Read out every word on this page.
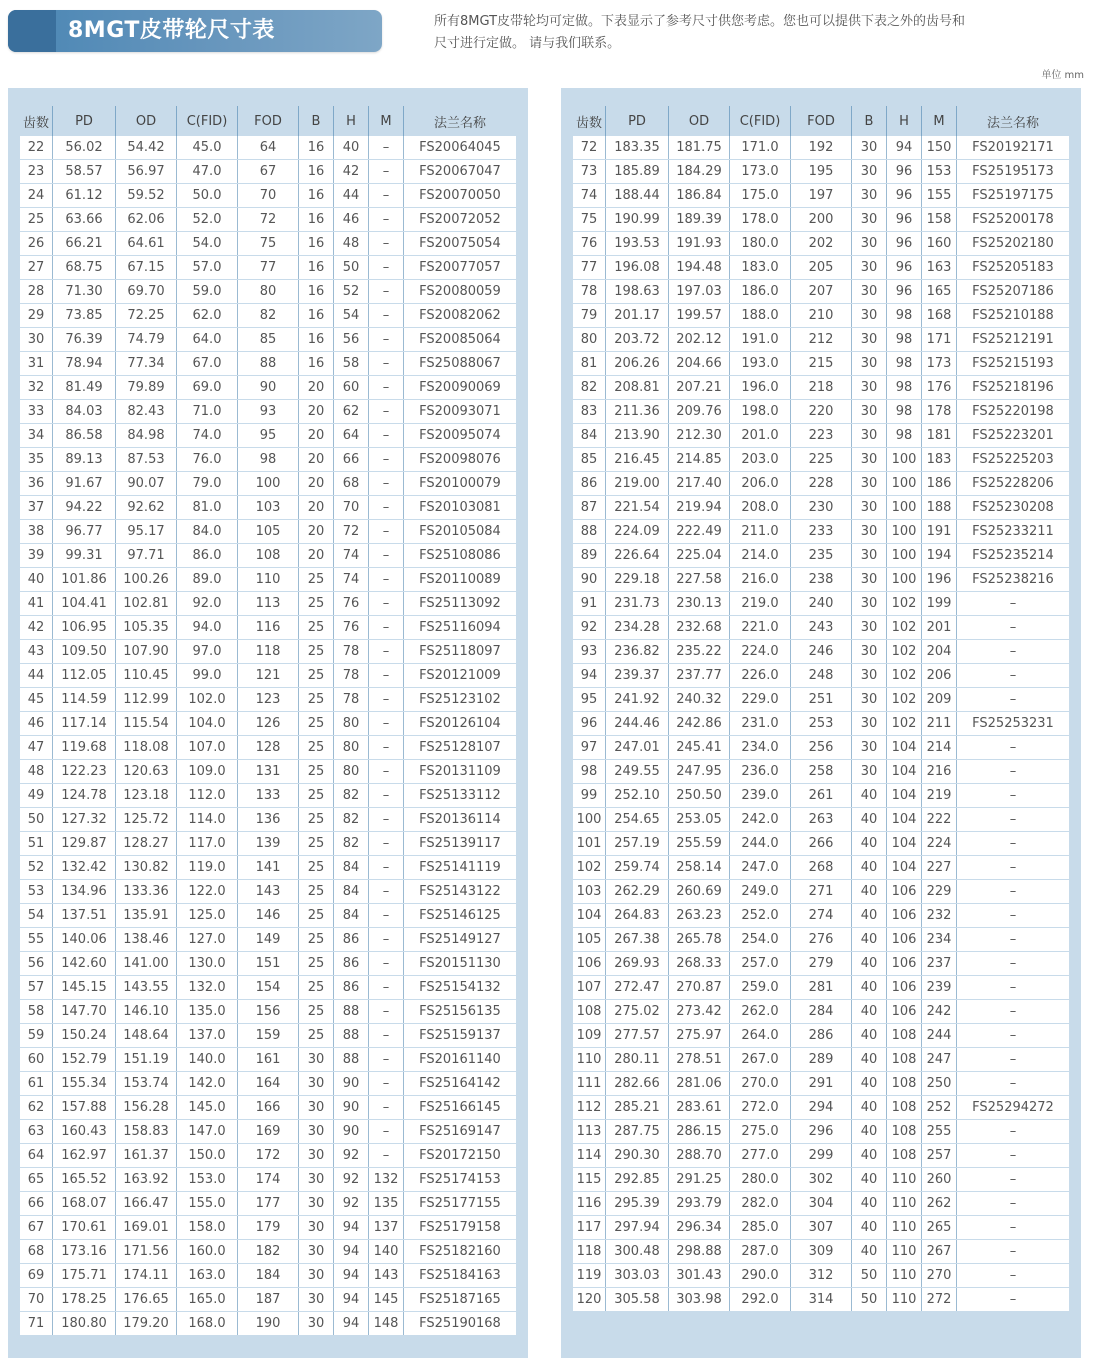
8MGT皮带轮尺寸表	所有8MGT皮带轮均可定做。下表显示了参考尺寸供您考虑。您也可以提供下表之外的齿号和尺寸进行定做。 请与我们联系。
单位 mm
齿数	PD	OD	C(FID)	FOD	B	H	M	法兰名称
22	56.02	54.42	45.0	64	16	40	–	FS20064045
23	58.57	56.97	47.0	67	16	42	–	FS20067047
24	61.12	59.52	50.0	70	16	44	–	FS20070050
25	63.66	62.06	52.0	72	16	46	–	FS20072052
26	66.21	64.61	54.0	75	16	48	–	FS20075054
27	68.75	67.15	57.0	77	16	50	–	FS20077057
28	71.30	69.70	59.0	80	16	52	–	FS20080059
29	73.85	72.25	62.0	82	16	54	–	FS20082062
30	76.39	74.79	64.0	85	16	56	–	FS20085064
31	78.94	77.34	67.0	88	16	58	–	FS25088067
32	81.49	79.89	69.0	90	20	60	–	FS20090069
33	84.03	82.43	71.0	93	20	62	–	FS20093071
34	86.58	84.98	74.0	95	20	64	–	FS20095074
35	89.13	87.53	76.0	98	20	66	–	FS20098076
36	91.67	90.07	79.0	100	20	68	–	FS20100079
37	94.22	92.62	81.0	103	20	70	–	FS20103081
38	96.77	95.17	84.0	105	20	72	–	FS20105084
39	99.31	97.71	86.0	108	20	74	–	FS25108086
40	101.86	100.26	89.0	110	25	74	–	FS20110089
41	104.41	102.81	92.0	113	25	76	–	FS25113092
42	106.95	105.35	94.0	116	25	76	–	FS25116094
43	109.50	107.90	97.0	118	25	78	–	FS25118097
44	112.05	110.45	99.0	121	25	78	–	FS20121009
45	114.59	112.99	102.0	123	25	78	–	FS25123102
46	117.14	115.54	104.0	126	25	80	–	FS20126104
47	119.68	118.08	107.0	128	25	80	–	FS25128107
48	122.23	120.63	109.0	131	25	80	–	FS20131109
49	124.78	123.18	112.0	133	25	82	–	FS25133112
50	127.32	125.72	114.0	136	25	82	–	FS20136114
51	129.87	128.27	117.0	139	25	82	–	FS25139117
52	132.42	130.82	119.0	141	25	84	–	FS25141119
53	134.96	133.36	122.0	143	25	84	–	FS25143122
54	137.51	135.91	125.0	146	25	84	–	FS25146125
55	140.06	138.46	127.0	149	25	86	–	FS25149127
56	142.60	141.00	130.0	151	25	86	–	FS20151130
57	145.15	143.55	132.0	154	25	86	–	FS25154132
58	147.70	146.10	135.0	156	25	88	–	FS25156135
59	150.24	148.64	137.0	159	25	88	–	FS25159137
60	152.79	151.19	140.0	161	30	88	–	FS20161140
61	155.34	153.74	142.0	164	30	90	–	FS25164142
62	157.88	156.28	145.0	166	30	90	–	FS25166145
63	160.43	158.83	147.0	169	30	90	–	FS25169147
64	162.97	161.37	150.0	172	30	92	–	FS20172150
65	165.52	163.92	153.0	174	30	92	132	FS25174153
66	168.07	166.47	155.0	177	30	92	135	FS25177155
67	170.61	169.01	158.0	179	30	94	137	FS25179158
68	173.16	171.56	160.0	182	30	94	140	FS25182160
69	175.71	174.11	163.0	184	30	94	143	FS25184163
70	178.25	176.65	165.0	187	30	94	145	FS25187165
71	180.80	179.20	168.0	190	30	94	148	FS25190168
齿数	PD	OD	C(FID)	FOD	B	H	M	法兰名称
72	183.35	181.75	171.0	192	30	94	150	FS20192171
73	185.89	184.29	173.0	195	30	96	153	FS25195173
74	188.44	186.84	175.0	197	30	96	155	FS25197175
75	190.99	189.39	178.0	200	30	96	158	FS25200178
76	193.53	191.93	180.0	202	30	96	160	FS25202180
77	196.08	194.48	183.0	205	30	96	163	FS25205183
78	198.63	197.03	186.0	207	30	96	165	FS25207186
79	201.17	199.57	188.0	210	30	98	168	FS25210188
80	203.72	202.12	191.0	212	30	98	171	FS25212191
81	206.26	204.66	193.0	215	30	98	173	FS25215193
82	208.81	207.21	196.0	218	30	98	176	FS25218196
83	211.36	209.76	198.0	220	30	98	178	FS25220198
84	213.90	212.30	201.0	223	30	98	181	FS25223201
85	216.45	214.85	203.0	225	30	100	183	FS25225203
86	219.00	217.40	206.0	228	30	100	186	FS25228206
87	221.54	219.94	208.0	230	30	100	188	FS25230208
88	224.09	222.49	211.0	233	30	100	191	FS25233211
89	226.64	225.04	214.0	235	30	100	194	FS25235214
90	229.18	227.58	216.0	238	30	100	196	FS25238216
91	231.73	230.13	219.0	240	30	102	199	–
92	234.28	232.68	221.0	243	30	102	201	–
93	236.82	235.22	224.0	246	30	102	204	–
94	239.37	237.77	226.0	248	30	102	206	–
95	241.92	240.32	229.0	251	30	102	209	–
96	244.46	242.86	231.0	253	30	102	211	FS25253231
97	247.01	245.41	234.0	256	30	104	214	–
98	249.55	247.95	236.0	258	30	104	216	–
99	252.10	250.50	239.0	261	40	104	219	–
100	254.65	253.05	242.0	263	40	104	222	–
101	257.19	255.59	244.0	266	40	104	224	–
102	259.74	258.14	247.0	268	40	104	227	–
103	262.29	260.69	249.0	271	40	106	229	–
104	264.83	263.23	252.0	274	40	106	232	–
105	267.38	265.78	254.0	276	40	106	234	–
106	269.93	268.33	257.0	279	40	106	237	–
107	272.47	270.87	259.0	281	40	106	239	–
108	275.02	273.42	262.0	284	40	106	242	–
109	277.57	275.97	264.0	286	40	108	244	–
110	280.11	278.51	267.0	289	40	108	247	–
111	282.66	281.06	270.0	291	40	108	250	–
112	285.21	283.61	272.0	294	40	108	252	FS25294272
113	287.75	286.15	275.0	296	40	108	255	–
114	290.30	288.70	277.0	299	40	108	257	–
115	292.85	291.25	280.0	302	40	110	260	–
116	295.39	293.79	282.0	304	40	110	262	–
117	297.94	296.34	285.0	307	40	110	265	–
118	300.48	298.88	287.0	309	40	110	267	–
119	303.03	301.43	290.0	312	50	110	270	–
120	305.58	303.98	292.0	314	50	110	272	–
